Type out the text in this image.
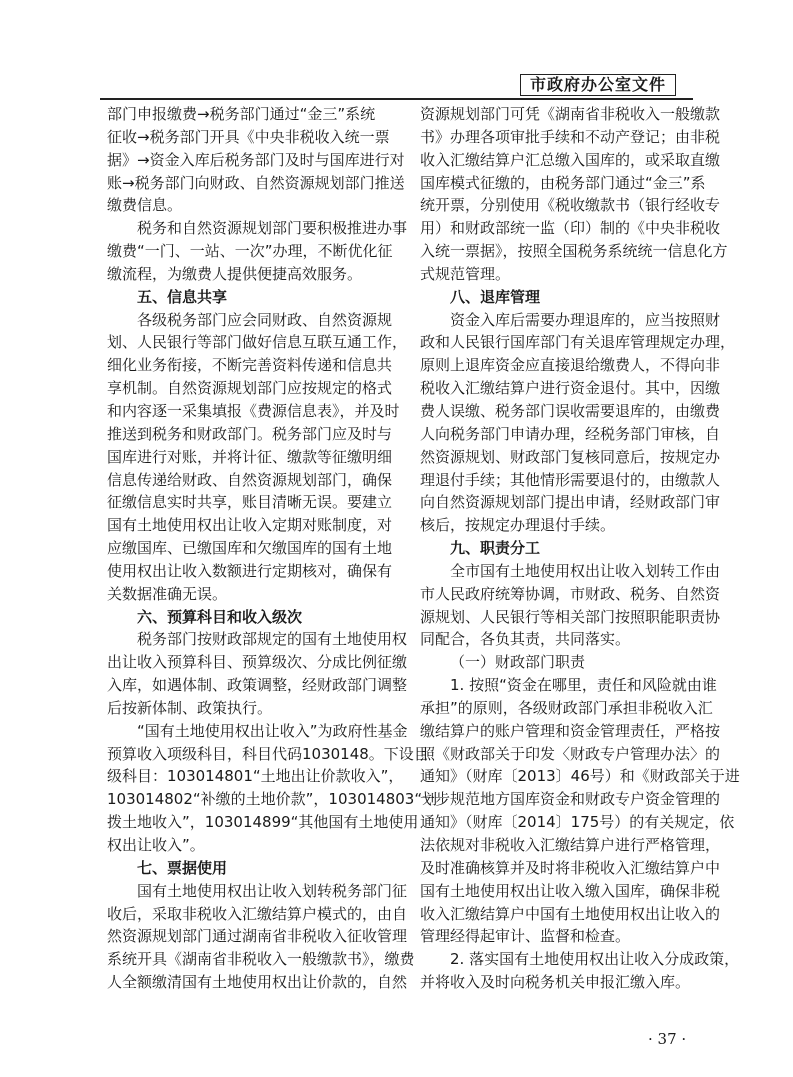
市政府办公室文件
部门申报缴费→税务部门通过“金三”系统
征收→税务部门开具《中央非税收入统一票
据》→资金入库后税务部门及时与国库进行对
账→税务部门向财政、自然资源规划部门推送
缴费信息。
税务和自然资源规划部门要积极推进办事
缴费“一门、一站、一次”办理，不断优化征
缴流程，为缴费人提供便捷高效服务。
五、信息共享
各级税务部门应会同财政、自然资源规
划、人民银行等部门做好信息互联互通工作，
细化业务衔接，不断完善资料传递和信息共
享机制。自然资源规划部门应按规定的格式
和内容逐一采集填报《费源信息表》，并及时
推送到税务和财政部门。税务部门应及时与
国库进行对账，并将计征、缴款等征缴明细
信息传递给财政、自然资源规划部门，确保
征缴信息实时共享，账目清晰无误。要建立
国有土地使用权出让收入定期对账制度，对
应缴国库、已缴国库和欠缴国库的国有土地
使用权出让收入数额进行定期核对，确保有
关数据准确无误。
六、预算科目和收入级次
税务部门按财政部规定的国有土地使用权
出让收入预算科目、预算级次、分成比例征缴
入库，如遇体制、政策调整，经财政部门调整
后按新体制、政策执行。
“国有土地使用权出让收入”为政府性基金
预算收入项级科目，科目代码1030148。下设目
级科目：103014801“土地出让价款收入”，
103014802“补缴的土地价款”，103014803“划
拨土地收入”，103014899“其他国有土地使用
权出让收入”。
七、票据使用
国有土地使用权出让收入划转税务部门征
收后，采取非税收入汇缴结算户模式的，由自
然资源规划部门通过湖南省非税收入征收管理
系统开具《湖南省非税收入一般缴款书》，缴费
人全额缴清国有土地使用权出让价款的，自然
资源规划部门可凭《湖南省非税收入一般缴款
书》办理各项审批手续和不动产登记；由非税
收入汇缴结算户汇总缴入国库的，或采取直缴
国库模式征缴的，由税务部门通过“金三”系
统开票，分别使用《税收缴款书（银行经收专
用）和财政部统一监（印）制的《中央非税收
入统一票据》，按照全国税务系统统一信息化方
式规范管理。
八、退库管理
资金入库后需要办理退库的，应当按照财
政和人民银行国库部门有关退库管理规定办理，
原则上退库资金应直接退给缴费人，不得向非
税收入汇缴结算户进行资金退付。其中，因缴
费人误缴、税务部门误收需要退库的，由缴费
人向税务部门申请办理，经税务部门审核，自
然资源规划、财政部门复核同意后，按规定办
理退付手续；其他情形需要退付的，由缴款人
向自然资源规划部门提出申请，经财政部门审
核后，按规定办理退付手续。
九、职责分工
全市国有土地使用权出让收入划转工作由
市人民政府统筹协调，市财政、税务、自然资
源规划、人民银行等相关部门按照职能职责协
同配合，各负其责，共同落实。
（一）财政部门职责
1. 按照“资金在哪里，责任和风险就由谁
承担”的原则，各级财政部门承担非税收入汇
缴结算户的账户管理和资金管理责任，严格按
照《财政部关于印发〈财政专户管理办法〉的
通知》（财库〔2013〕46号）和《财政部关于进
一步规范地方国库资金和财政专户资金管理的
通知》（财库〔2014〕175号）的有关规定，依
法依规对非税收入汇缴结算户进行严格管理，
及时准确核算并及时将非税收入汇缴结算户中
国有土地使用权出让收入缴入国库，确保非税
收入汇缴结算户中国有土地使用权出让收入的
管理经得起审计、监督和检查。
2. 落实国有土地使用权出让收入分成政策，
并将收入及时向税务机关申报汇缴入库。
· 37 ·
